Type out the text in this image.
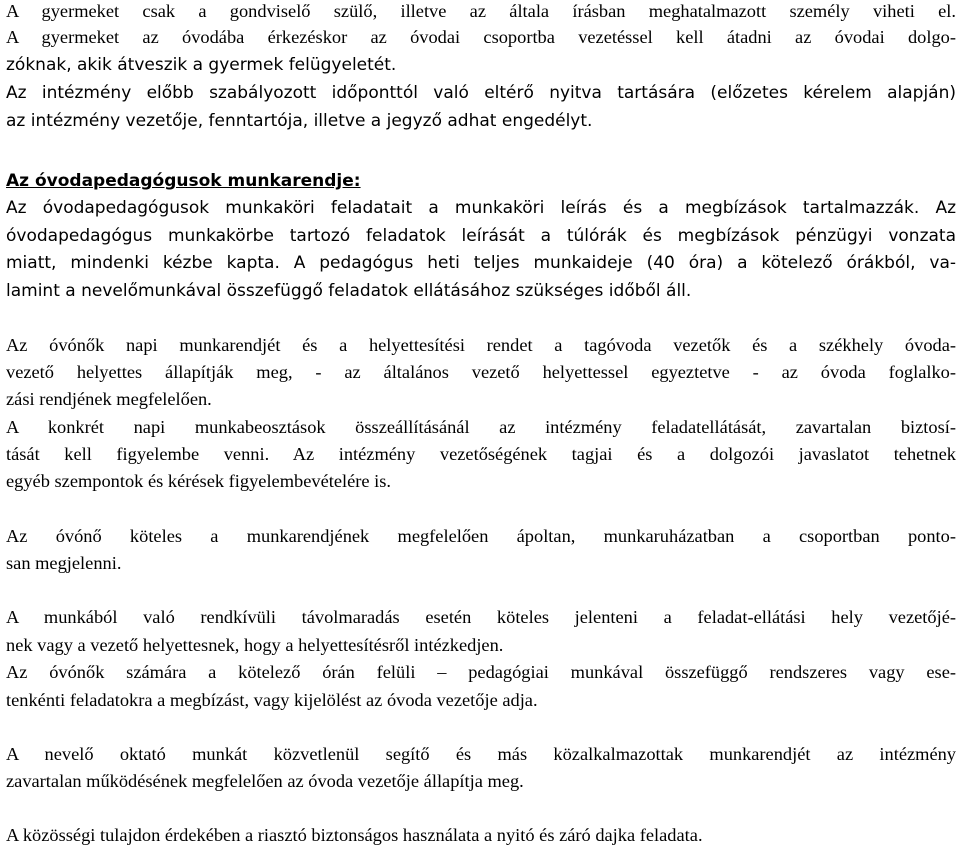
A gyermeket csak a gondviselő szülő, illetve az általa írásban meghatalmazott személy viheti el.
A gyermeket az óvodába érkezéskor az óvodai csoportba vezetéssel kell átadni az óvodai dolgo-
zóknak, akik átveszik a gyermek felügyeletét.
Az intézmény előbb szabályozott időponttól való eltérő nyitva tartására (előzetes kérelem alapján)
az intézmény vezetője, fenntartója, illetve a jegyző adhat engedélyt.
Az óvodapedagógusok munkarendje:
Az óvodapedagógusok munkaköri feladatait a munkaköri leírás és a megbízások tartalmazzák. Az
óvodapedagógus munkakörbe tartozó feladatok leírását a túlórák és megbízások pénzügyi vonzata
miatt, mindenki kézbe kapta. A pedagógus heti teljes munkaideje (40 óra) a kötelező órákból, va-
lamint a nevelőmunkával összefüggő feladatok ellátásához szükséges időből áll.
Az óvónők napi munkarendjét és a helyettesítési rendet a tagóvoda vezetők és a székhely óvoda-
vezető helyettes állapítják meg, - az általános vezető helyettessel egyeztetve - az óvoda foglalko-
zási rendjének megfelelően.
A konkrét napi munkabeosztások összeállításánál az intézmény feladatellátását, zavartalan biztosí-
tását kell figyelembe venni. Az intézmény vezetőségének tagjai és a dolgozói javaslatot tehetnek
egyéb szempontok és kérések figyelembevételére is.
Az óvónő köteles a munkarendjének megfelelően ápoltan, munkaruházatban a csoportban ponto-
san megjelenni.
A munkából való rendkívüli távolmaradás esetén köteles jelenteni a feladat-ellátási hely vezetőjé-
nek vagy a vezető helyettesnek, hogy a helyettesítésről intézkedjen.
Az óvónők számára a kötelező órán felüli – pedagógiai munkával összefüggő rendszeres vagy ese-
tenkénti feladatokra a megbízást, vagy kijelölést az óvoda vezetője adja.
A nevelő oktató munkát közvetlenül segítő és más közalkalmazottak munkarendjét az intézmény
zavartalan működésének megfelelően az óvoda vezetője állapítja meg.
A közösségi tulajdon érdekében a riasztó biztonságos használata a nyitó és záró dajka feladata.
